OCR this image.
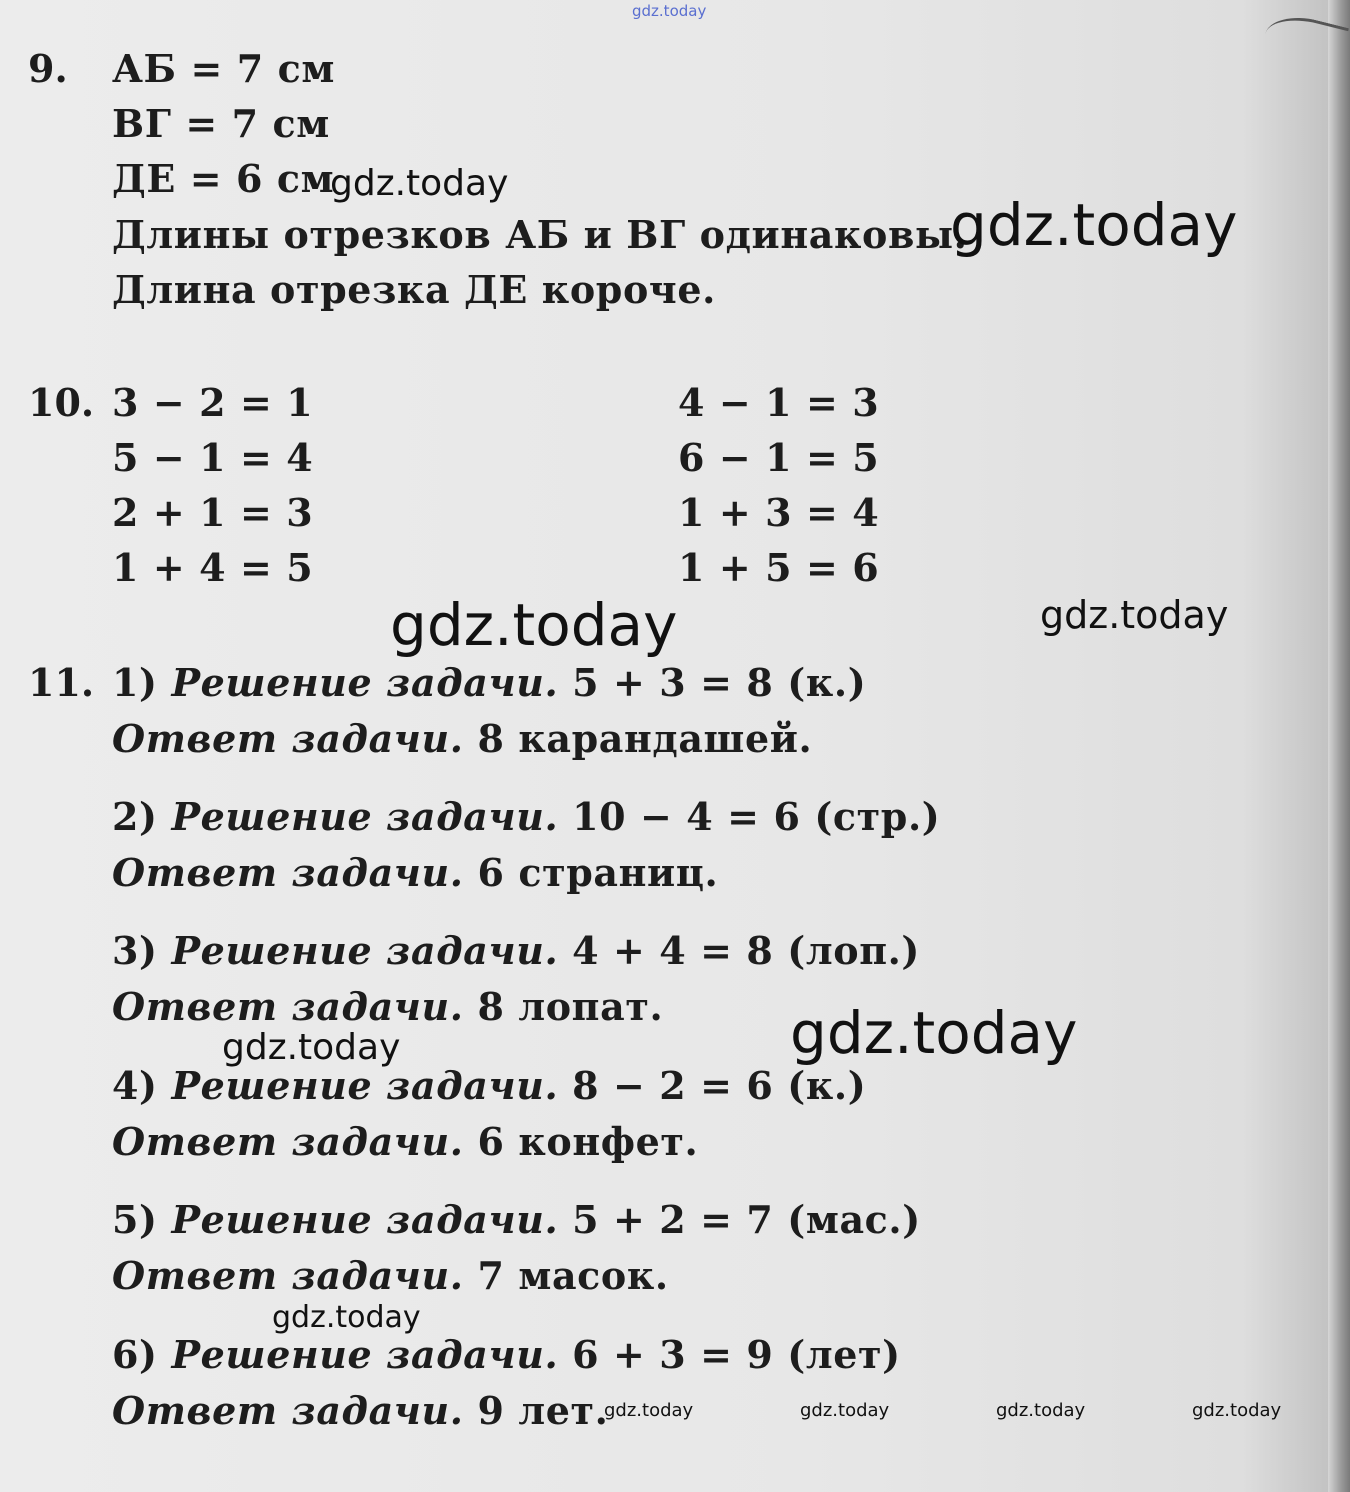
gdz.today
9. АБ = 7 см
ВГ = 7 см
ДЕ = 6 см
Длины отрезков АБ и ВГ одинаковы.
Длина отрезка ДЕ короче.
10. 3 − 2 = 1
5 − 1 = 4
2 + 1 = 3
1 + 4 = 5
4 − 1 = 3
6 − 1 = 5
1 + 3 = 4
1 + 5 = 6
11. 1) Решение задачи. 5 + 3 = 8 (к.)
Ответ задачи. 8 карандашей.
2) Решение задачи. 10 − 4 = 6 (стр.)
Ответ задачи. 6 страниц.
3) Решение задачи. 4 + 4 = 8 (лоп.)
Ответ задачи. 8 лопат.
4) Решение задачи. 8 − 2 = 6 (к.)
Ответ задачи. 6 конфет.
5) Решение задачи. 5 + 2 = 7 (мас.)
Ответ задачи. 7 масок.
6) Решение задачи. 6 + 3 = 9 (лет)
Ответ задачи. 9 лет.
gdz.today
gdz.today
gdz.today	gdz.today
gdz.today
gdz.today
gdz.today
gdz.today	gdz.today	gdz.today	gdz.today
